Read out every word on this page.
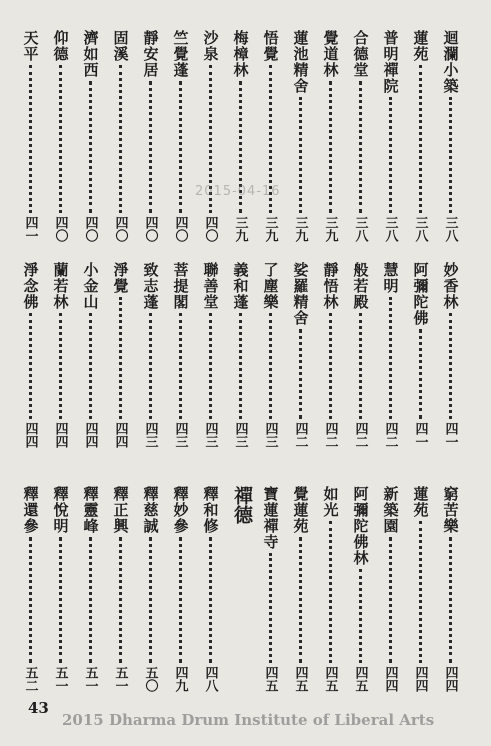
迴瀾小築
三八
蓮苑
三八
普明禪院
三八
合德堂
三八
覺道林
三九
蓮池精舍
三九
悟覺
三九
梅樟林
三九
沙泉
四〇
竺覺蓬
四〇
靜安居
四〇
固溪
四〇
濟如西
四〇
仰德
四〇
天平
四一
妙香林
四一
阿彌陀佛
四一
慧明
四二
般若殿
四二
靜悟林
四二
娑羅精舍
四二
了塵樂
四三
義和蓬
四三
聯善堂
四三
菩提閣
四三
致志蓬
四三
淨覺
四四
小金山
四四
蘭若林
四四
淨念佛
四四
窮苦樂
四四
蓮苑
四四
新築園
四四
阿彌陀佛林
四五
如光
四五
覺蓮苑
四五
寶蓮禪寺
四五
禪德
釋和修
四八
釋妙參
四九
釋慈誠
五〇
釋正興
五一
釋靈峰
五一
釋悅明
五一
釋還參
五二
2015-04-16
43
2015 Dharma Drum Institute of Liberal Arts
